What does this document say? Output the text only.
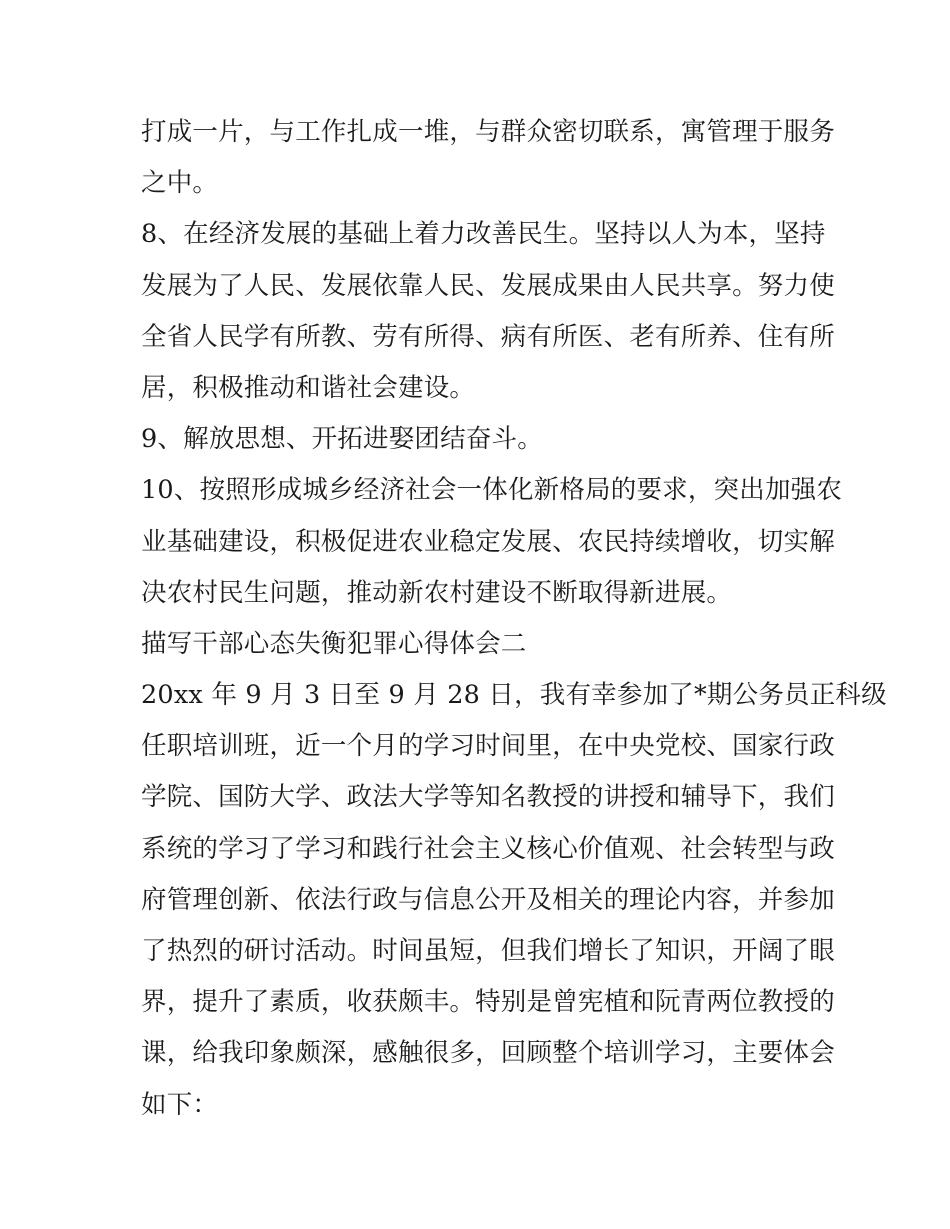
打成一片，与工作扎成一堆，与群众密切联系，寓管理于服务
之中。
8、在经济发展的基础上着力改善民生。坚持以人为本，坚持
发展为了人民、发展依靠人民、发展成果由人民共享。努力使
全省人民学有所教、劳有所得、病有所医、老有所养、住有所
居，积极推动和谐社会建设。
9、解放思想、开拓进娶团结奋斗。
10、按照形成城乡经济社会一体化新格局的要求，突出加强农
业基础建设，积极促进农业稳定发展、农民持续增收，切实解
决农村民生问题，推动新农村建设不断取得新进展。
描写干部心态失衡犯罪心得体会二
20xx 年 9 月 3 日至 9 月 28 日，我有幸参加了*期公务员正科级
任职培训班，近一个月的学习时间里，在中央党校、国家行政
学院、国防大学、政法大学等知名教授的讲授和辅导下，我们
系统的学习了学习和践行社会主义核心价值观、社会转型与政
府管理创新、依法行政与信息公开及相关的理论内容，并参加
了热烈的研讨活动。时间虽短，但我们增长了知识，开阔了眼
界，提升了素质，收获颇丰。特别是曾宪植和阮青两位教授的
课，给我印象颇深，感触很多，回顾整个培训学习，主要体会
如下：
